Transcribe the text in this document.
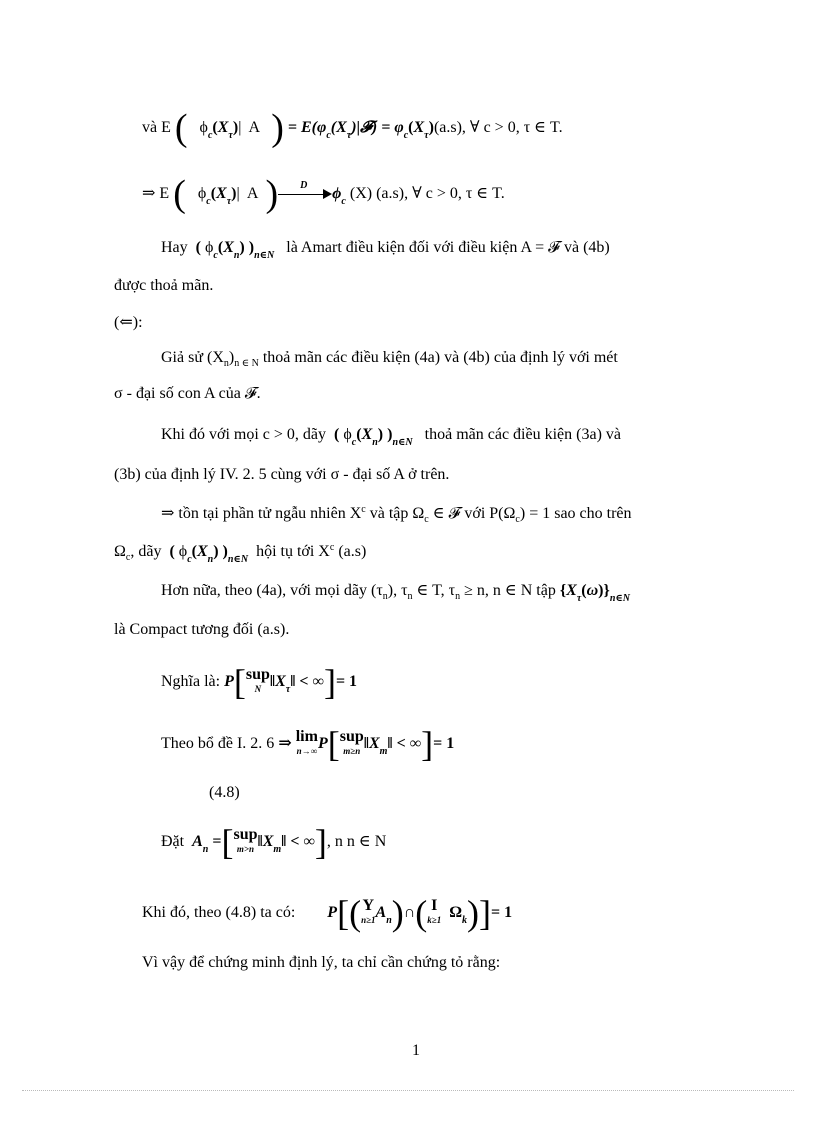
và E ( $\phi_c(X_\tau)|$ A ) = $E(\varphi_c(X_\tau)|𝓕) = \varphi_c(X_\tau)(a.s)$, ∀ c > 0, τ ∈ T.
⇒ E ( $\phi_c(X_\tau)|$ A ) D $\phi_c$ (X) (a.s), ∀ c > 0, τ ∈ T.
Hay ( $\phi_c(X_n)$ )$_{n\in N}$ là Amart điều kiện đối với điều kiện A = 𝓕 và (4b)
được thoả mãn.
(⇐):
Giả sử $(X_n)_{n \in N}$ thoả mãn các điều kiện (4a) và (4b) của định lý với mét
σ - đại số con A của 𝓕.
Khi đó với mọi c > 0, dãy ( $\phi_c(X_n)$ )$_{n\in N}$ thoả mãn các điều kiện (3a) và
(3b) của định lý IV. 2. 5 cùng với σ - đại số A ở trên.
⇒ tồn tại phần tử ngẫu nhiên $X^c$ và tập $\Omega_c$ ∈ 𝓕 với $P(\Omega_c) = 1$ sao cho trên
$\Omega_c$, dãy ( $\phi_c(X_n)$ )$_{n\in N}$ hội tụ tới $X^c$ (a.s)
Hơn nữa, theo (4a), với mọi dãy $(\tau_n)$, $\tau_n$ ∈ T, $\tau_n \ge n$, n ∈ N tập $\{X_\tau(\omega)\}_{n\in N}$
là Compact tương đối (a.s).
Nghĩa là: P[ sup
N $‖X_\tau‖$ < ∞]= 1
Theo bổ đề I. 2. 6 ⇒ lim
n→∞ P[ sup
m≥n $‖X_m‖$ < ∞]= 1
(4.8)
Đặt $A_n$ =[ sup
m>n $‖X_m‖$ < ∞], n n ∈ N
Khi đó, theo (4.8) ta có: P[( Y
n≥1 $A_n)\cap$( I
k≥1 $\Omega_k)]= 1$
Vì vậy để chứng minh định lý, ta chỉ cần chứng tỏ rằng:
1
